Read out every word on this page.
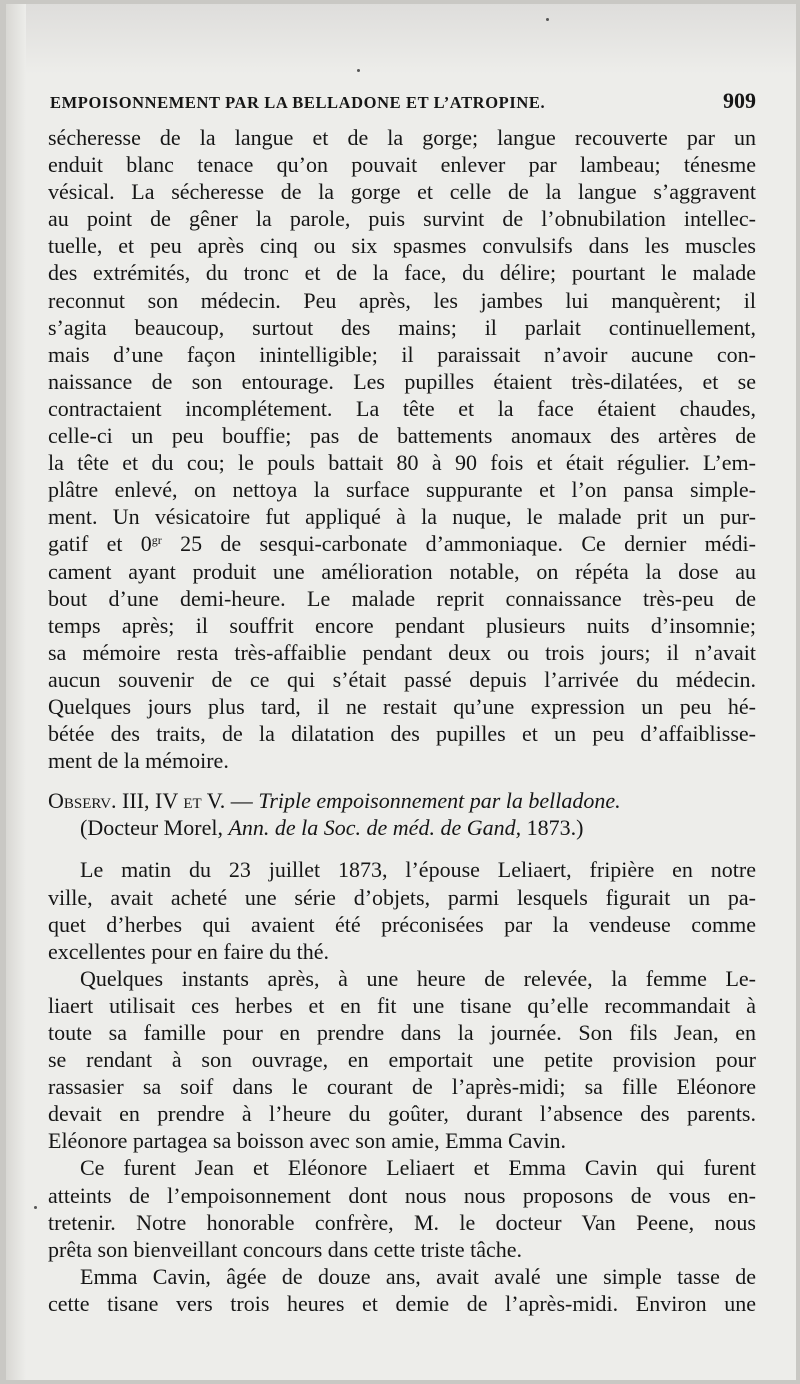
EMPOISONNEMENT PAR LA BELLADONE ET L’ATROPINE.	909
sécheresse de la langue et de la gorge; langue recouverte par un
enduit blanc tenace qu’on pouvait enlever par lambeau; ténesme
vésical. La sécheresse de la gorge et celle de la langue s’aggravent
au point de gêner la parole, puis survint de l’obnubilation intellec-
tuelle, et peu après cinq ou six spasmes convulsifs dans les muscles
des extrémités, du tronc et de la face, du délire; pourtant le malade
reconnut son médecin. Peu après, les jambes lui manquèrent; il
s’agita beaucoup, surtout des mains; il parlait continuellement,
mais d’une façon inintelligible; il paraissait n’avoir aucune con-
naissance de son entourage. Les pupilles étaient très-dilatées, et se
contractaient incomplétement. La tête et la face étaient chaudes,
celle-ci un peu bouffie; pas de battements anomaux des artères de
la tête et du cou; le pouls battait 80 à 90 fois et était régulier. L’em-
plâtre enlevé, on nettoya la surface suppurante et l’on pansa simple-
ment. Un vésicatoire fut appliqué à la nuque, le malade prit un pur-
gatif et $0^{gr}$ 25 de sesqui-carbonate d’ammoniaque. Ce dernier médi-
cament ayant produit une amélioration notable, on répéta la dose au
bout d’une demi-heure. Le malade reprit connaissance très-peu de
temps après; il souffrit encore pendant plusieurs nuits d’insomnie;
sa mémoire resta très-affaiblie pendant deux ou trois jours; il n’avait
aucun souvenir de ce qui s’était passé depuis l’arrivée du médecin.
Quelques jours plus tard, il ne restait qu’une expression un peu hé-
bétée des traits, de la dilatation des pupilles et un peu d’affaiblisse-
ment de la mémoire.
Observ. III, IV et V. — Triple empoisonnement par la belladone.
(Docteur Morel, Ann. de la Soc. de méd. de Gand, 1873.)
Le matin du 23 juillet 1873, l’épouse Leliaert, fripière en notre
ville, avait acheté une série d’objets, parmi lesquels figurait un pa-
quet d’herbes qui avaient été préconisées par la vendeuse comme
excellentes pour en faire du thé.
Quelques instants après, à une heure de relevée, la femme Le-
liaert utilisait ces herbes et en fit une tisane qu’elle recommandait à
toute sa famille pour en prendre dans la journée. Son fils Jean, en
se rendant à son ouvrage, en emportait une petite provision pour
rassasier sa soif dans le courant de l’après-midi; sa fille Eléonore
devait en prendre à l’heure du goûter, durant l’absence des parents.
Eléonore partagea sa boisson avec son amie, Emma Cavin.
Ce furent Jean et Eléonore Leliaert et Emma Cavin qui furent
atteints de l’empoisonnement dont nous nous proposons de vous en-
tretenir. Notre honorable confrère, M. le docteur Van Peene, nous
prêta son bienveillant concours dans cette triste tâche.
Emma Cavin, âgée de douze ans, avait avalé une simple tasse de
cette tisane vers trois heures et demie de l’après-midi. Environ une
